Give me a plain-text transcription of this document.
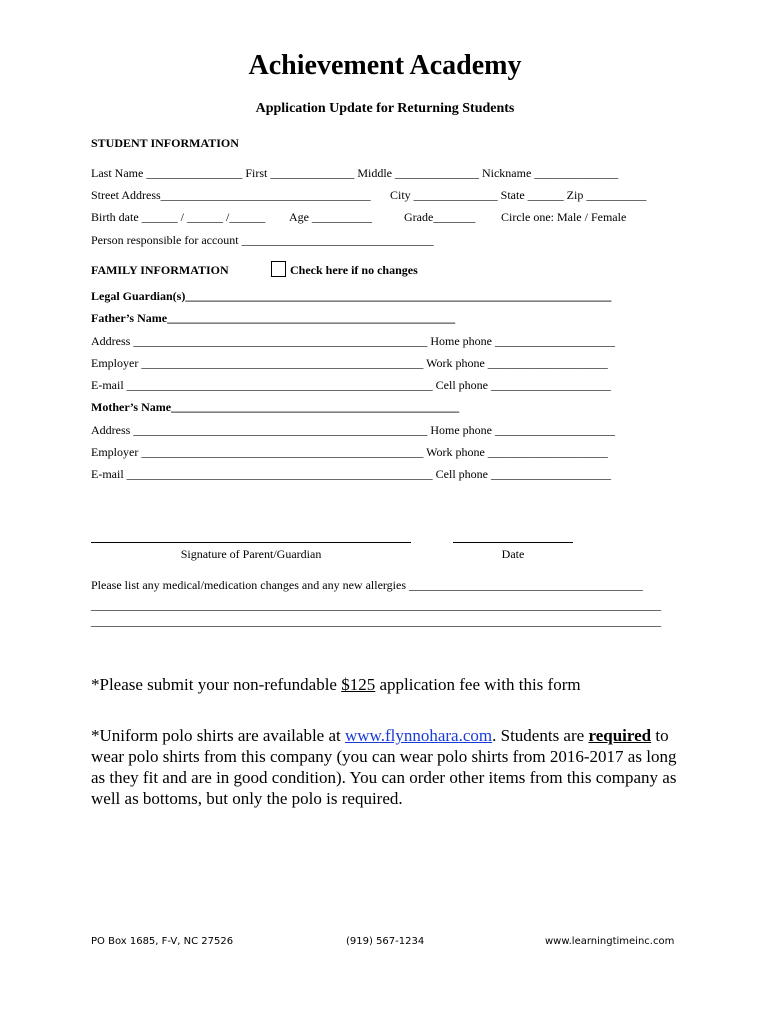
Achievement Academy
Application Update for Returning Students
STUDENT INFORMATION
Last Name ________________ First ______________ Middle ______________ Nickname ______________
Street Address___________________________________ City ______________ State ______ Zip __________
Birth date ______ / ______ /______ Age __________	Grade_______ Circle one: Male / Female
Person responsible for account ________________________________
FAMILY INFORMATION	Check here if no changes
Legal Guardian(s)_______________________________________________________________________
Father’s Name________________________________________________
Address _________________________________________________ Home phone ____________________
Employer _______________________________________________ Work phone ____________________
E-mail ___________________________________________________ Cell phone ____________________
Mother’s Name________________________________________________
Address _________________________________________________ Home phone ____________________
Employer _______________________________________________ Work phone ____________________
E-mail ___________________________________________________ Cell phone ____________________
Signature of Parent/Guardian	Date
Please list any medical/medication changes and any new allergies _______________________________________
_______________________________________________________________________________________________
_______________________________________________________________________________________________
*Please submit your non-refundable $125 application fee with this form
*Uniform polo shirts are available at www.flynnohara.com. Students are required to wear polo shirts from this company (you can wear polo shirts from 2016-2017 as long as they fit and are in good condition). You can order other items from this company as well as bottoms, but only the polo is required.
PO Box 1685, F-V, NC 27526	(919) 567-1234	www.learningtimeinc.com
